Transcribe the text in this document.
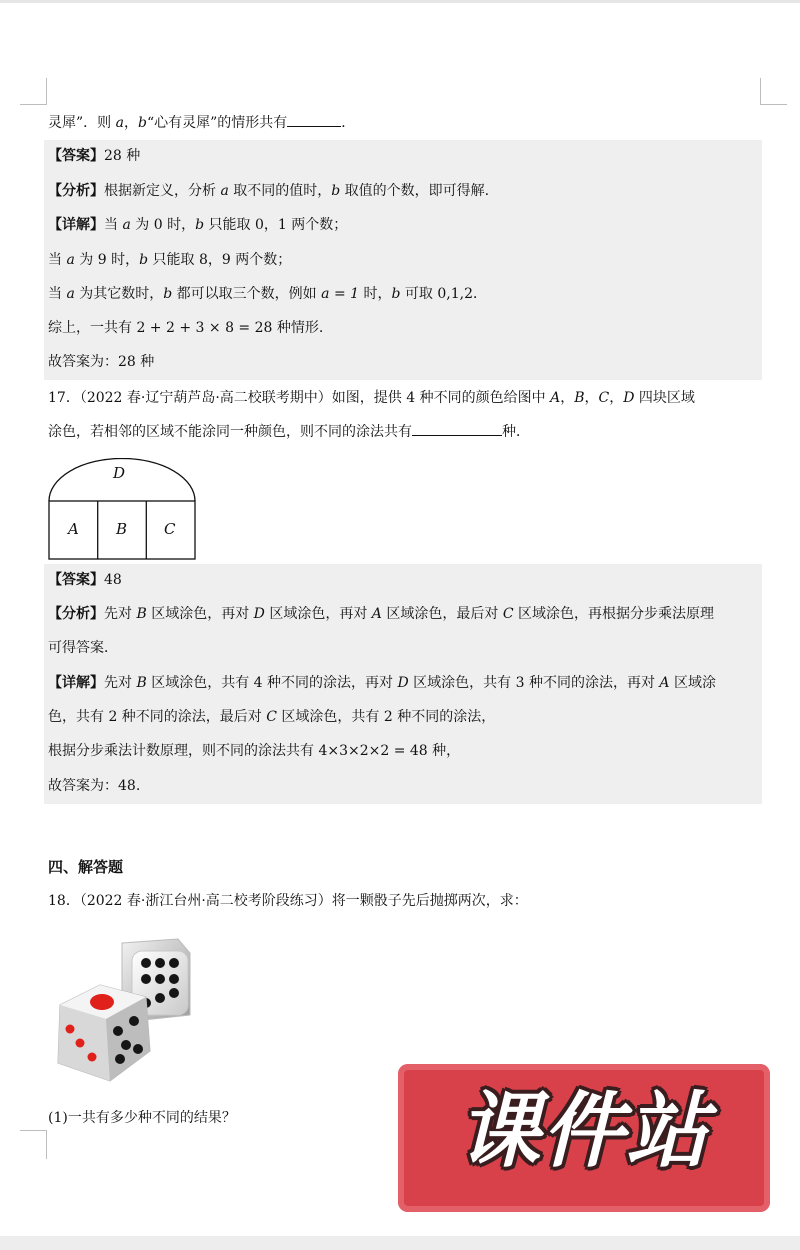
灵犀”．则 a，b“心有灵犀”的情形共有	．
【答案】28 种
【分析】根据新定义，分析 a 取不同的值时，b 取值的个数，即可得解.
【详解】当 a 为 0 时，b 只能取 0，1 两个数；
当 a 为 9 时，b 只能取 8，9 两个数；
当 a 为其它数时，b 都可以取三个数，例如 a = 1 时，b 可取 0,1,2．
综上，一共有 2 + 2 + 3 × 8 = 28 种情形.
故答案为：28 种
17．（2022 春·辽宁葫芦岛·高二校联考期中）如图，提供 4 种不同的颜色给图中 A，B，C，D 四块区域
涂色，若相邻的区域不能涂同一种颜色，则不同的涂法共有	种．
D
A B C
【答案】48
【分析】先对 B 区域涂色，再对 D 区域涂色，再对 A 区域涂色，最后对 C 区域涂色，再根据分步乘法原理
可得答案．
【详解】先对 B 区域涂色，共有 4 种不同的涂法，再对 D 区域涂色，共有 3 种不同的涂法，再对 A 区域涂
色，共有 2 种不同的涂法，最后对 C 区域涂色，共有 2 种不同的涂法，
根据分步乘法计数原理，则不同的涂法共有 4×3×2×2 = 48 种，
故答案为：48.
四、解答题
18．（2022 春·浙江台州·高二校考阶段练习）将一颗骰子先后抛掷两次，求：
(1)一共有多少种不同的结果？	课件站
